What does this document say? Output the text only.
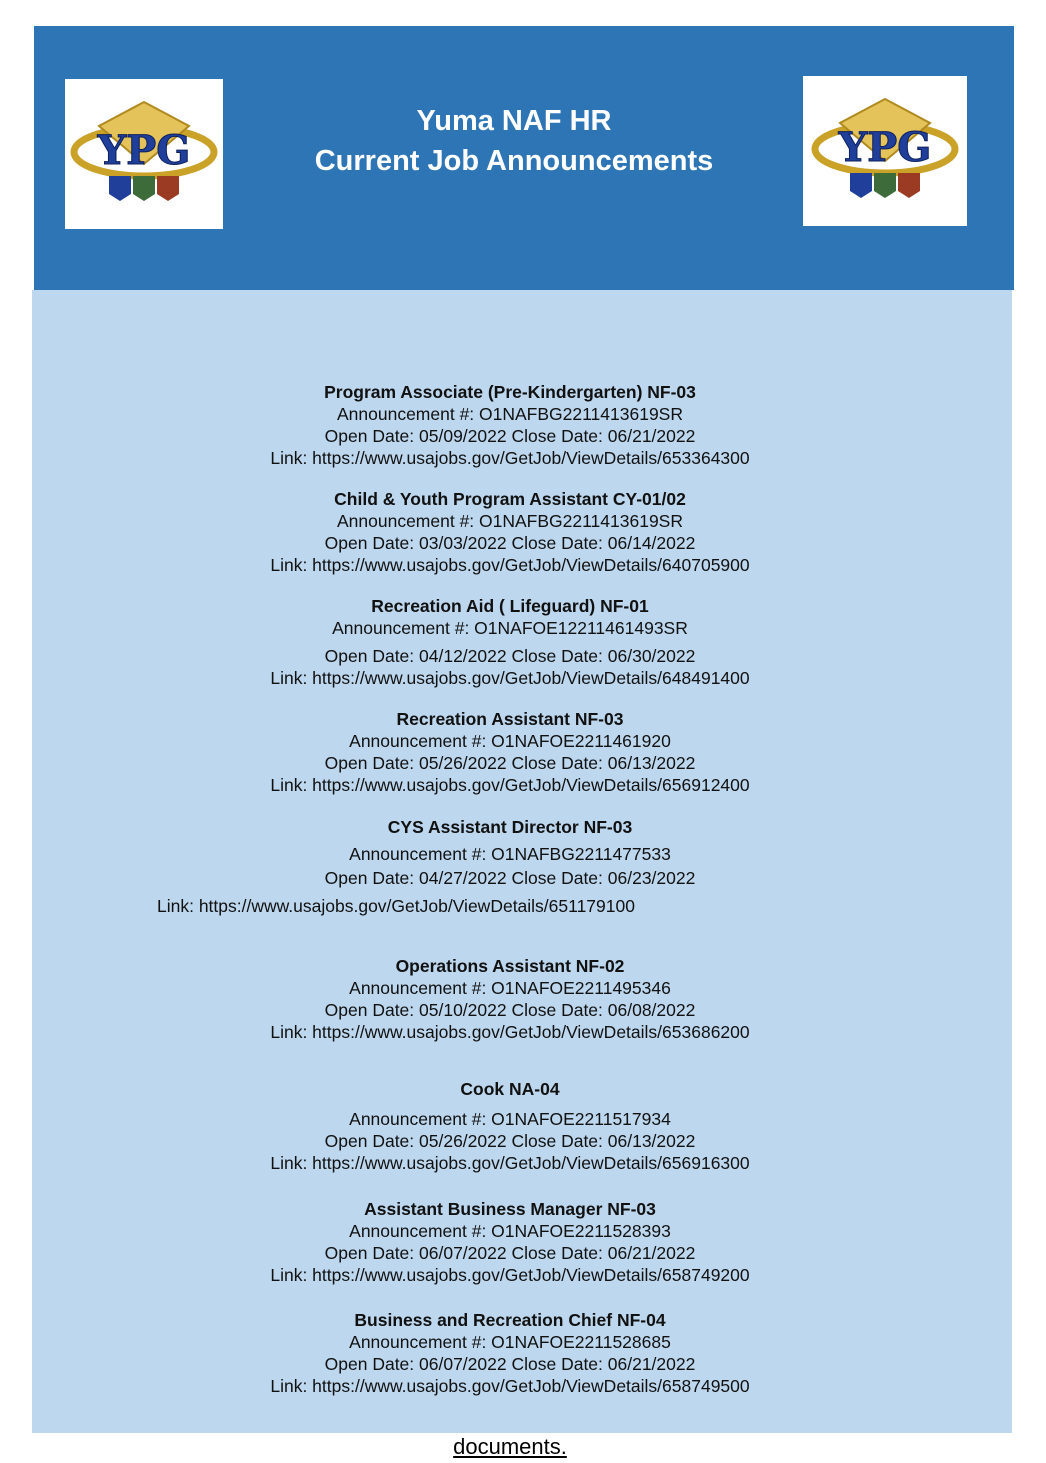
YPG	YPG
Yuma NAF HR
Current Job Announcements
Program Associate (Pre-Kindergarten) NF-03
Announcement #: O1NAFBG2211413619SR
Open Date: 05/09/2022 Close Date: 06/21/2022
Link: https://www.usajobs.gov/GetJob/ViewDetails/653364300
Child & Youth Program Assistant CY-01/02
Announcement #: O1NAFBG2211413619SR
Open Date: 03/03/2022 Close Date: 06/14/2022
Link: https://www.usajobs.gov/GetJob/ViewDetails/640705900
Recreation Aid ( Lifeguard) NF-01
Announcement #: O1NAFOE12211461493SR
Open Date: 04/12/2022 Close Date: 06/30/2022
Link: https://www.usajobs.gov/GetJob/ViewDetails/648491400
Recreation Assistant NF-03
Announcement #: O1NAFOE2211461920
Open Date: 05/26/2022 Close Date: 06/13/2022
Link: https://www.usajobs.gov/GetJob/ViewDetails/656912400
CYS Assistant Director NF-03
Announcement #: O1NAFBG2211477533
Open Date: 04/27/2022 Close Date: 06/23/2022
Link: https://www.usajobs.gov/GetJob/ViewDetails/651179100
Operations Assistant NF-02
Announcement #: O1NAFOE2211495346
Open Date: 05/10/2022 Close Date: 06/08/2022
Link: https://www.usajobs.gov/GetJob/ViewDetails/653686200
Cook NA-04
Announcement #: O1NAFOE2211517934
Open Date: 05/26/2022 Close Date: 06/13/2022
Link: https://www.usajobs.gov/GetJob/ViewDetails/656916300
Assistant Business Manager NF-03
Announcement #: O1NAFOE2211528393
Open Date: 06/07/2022 Close Date: 06/21/2022
Link: https://www.usajobs.gov/GetJob/ViewDetails/658749200
Business and Recreation Chief NF-04
Announcement #: O1NAFOE2211528685
Open Date: 06/07/2022 Close Date: 06/21/2022
Link: https://www.usajobs.gov/GetJob/ViewDetails/658749500
documents.
